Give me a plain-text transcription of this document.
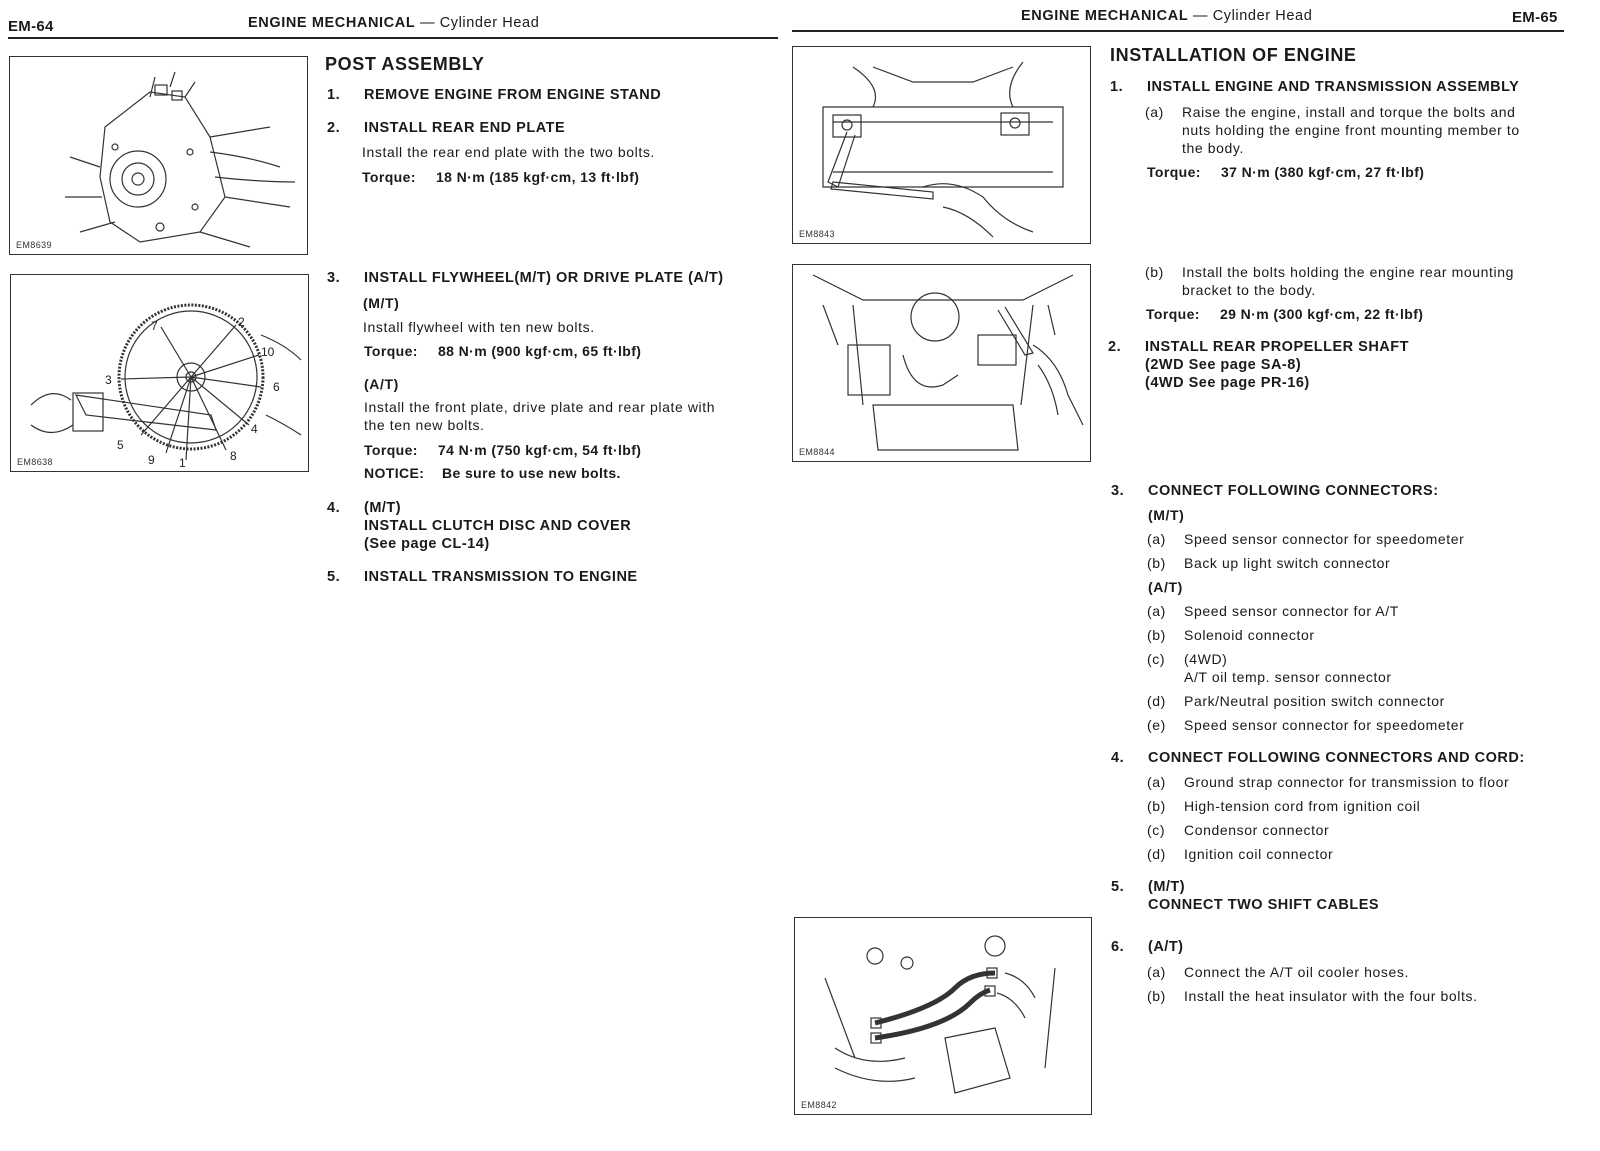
EM-64	ENGINE MECHANICAL — Cylinder Head	ENGINE MECHANICAL — Cylinder Head	EM-65
EM8639
7	2
10
3	6
4
5
9 1	8
EM8638
POST ASSEMBLY
1. REMOVE ENGINE FROM ENGINE STAND
2. INSTALL REAR END PLATE
Install the rear end plate with the two bolts.
Torque: 18 N·m (185 kgf·cm, 13 ft·lbf)
3. INSTALL FLYWHEEL(M/T) OR DRIVE PLATE (A/T)
(M/T)
Install flywheel with ten new bolts.
Torque: 88 N·m (900 kgf·cm, 65 ft·lbf)
(A/T)
Install the front plate, drive plate and rear plate with
the ten new bolts.
Torque: 74 N·m (750 kgf·cm, 54 ft·lbf)
NOTICE: Be sure to use new bolts.
4. (M/T)
INSTALL CLUTCH DISC AND COVER
(See page CL-14)
5. INSTALL TRANSMISSION TO ENGINE
EM8843
EM8844
EM8842
INSTALLATION OF ENGINE
1. INSTALL ENGINE AND TRANSMISSION ASSEMBLY
(a) Raise the engine, install and torque the bolts and
nuts holding the engine front mounting member to
the body.
Torque: 37 N·m (380 kgf·cm, 27 ft·lbf)
(b) Install the bolts holding the engine rear mounting
bracket to the body.
Torque: 29 N·m (300 kgf·cm, 22 ft·lbf)
2. INSTALL REAR PROPELLER SHAFT
(2WD See page SA-8)
(4WD See page PR-16)
3. CONNECT FOLLOWING CONNECTORS:
(M/T)
(a) Speed sensor connector for speedometer
(b) Back up light switch connector
(A/T)
(a) Speed sensor connector for A/T
(b) Solenoid connector
(c) (4WD)
A/T oil temp. sensor connector
(d) Park/Neutral position switch connector
(e) Speed sensor connector for speedometer
4. CONNECT FOLLOWING CONNECTORS AND CORD:
(a) Ground strap connector for transmission to floor
(b) High-tension cord from ignition coil
(c) Condensor connector
(d) Ignition coil connector
5. (M/T)
CONNECT TWO SHIFT CABLES
6. (A/T)
(a) Connect the A/T oil cooler hoses.
(b) Install the heat insulator with the four bolts.
